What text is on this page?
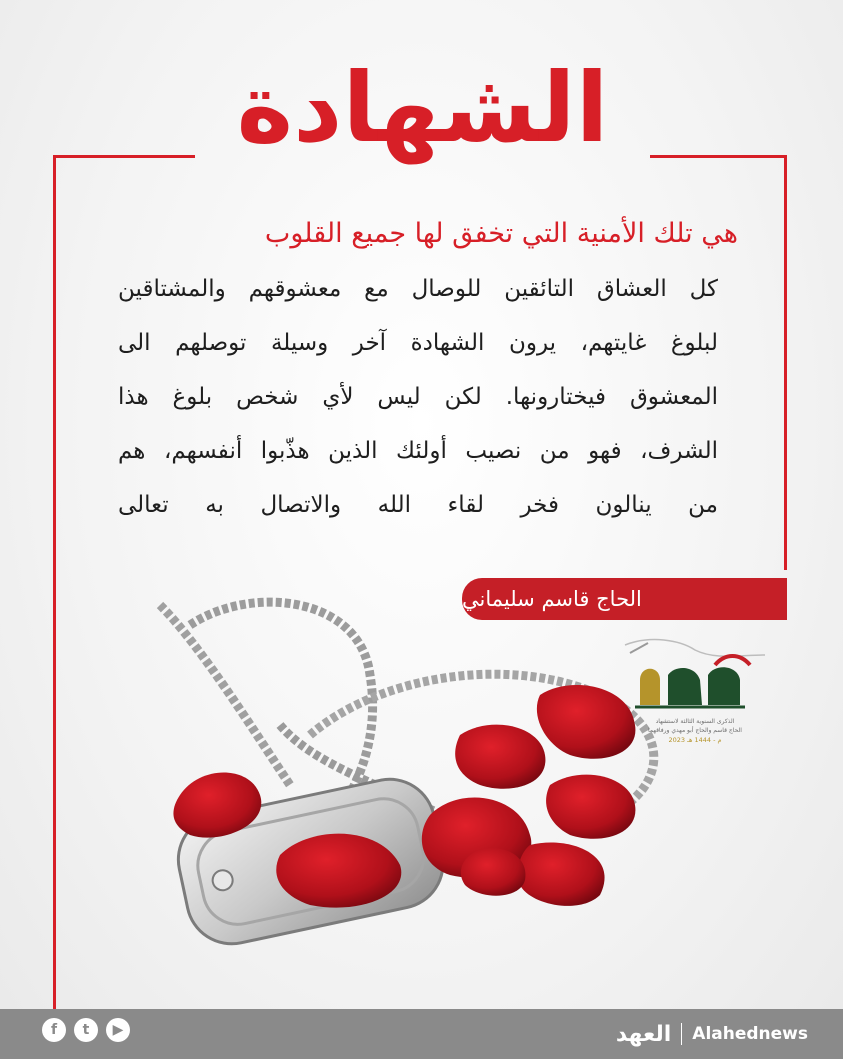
الشهادة
هي تلك الأمنية التي تخفق لها جميع القلوب
كل العشاق التائقين للوصال مع معشوقهم والمشتاقين
لبلوغ غايتهم، يرون الشهادة آخر وسيلة توصلهم الى
المعشوق فيختارونها. لكن ليس لأي شخص بلوغ هذا
الشرف، فهو من نصيب أولئك الذين هذّبوا أنفسهم، هم
من ينالون فخر لقاء الله والاتصال به تعالى
الحاج قاسم سليماني
الذكرى السنوية الثالثة لاستشهاد
الحاج قاسم والحاج أبو مهدي ورفاقهما
2023 م - 1444 هـ
f	t	▶	العهد Alahednews
